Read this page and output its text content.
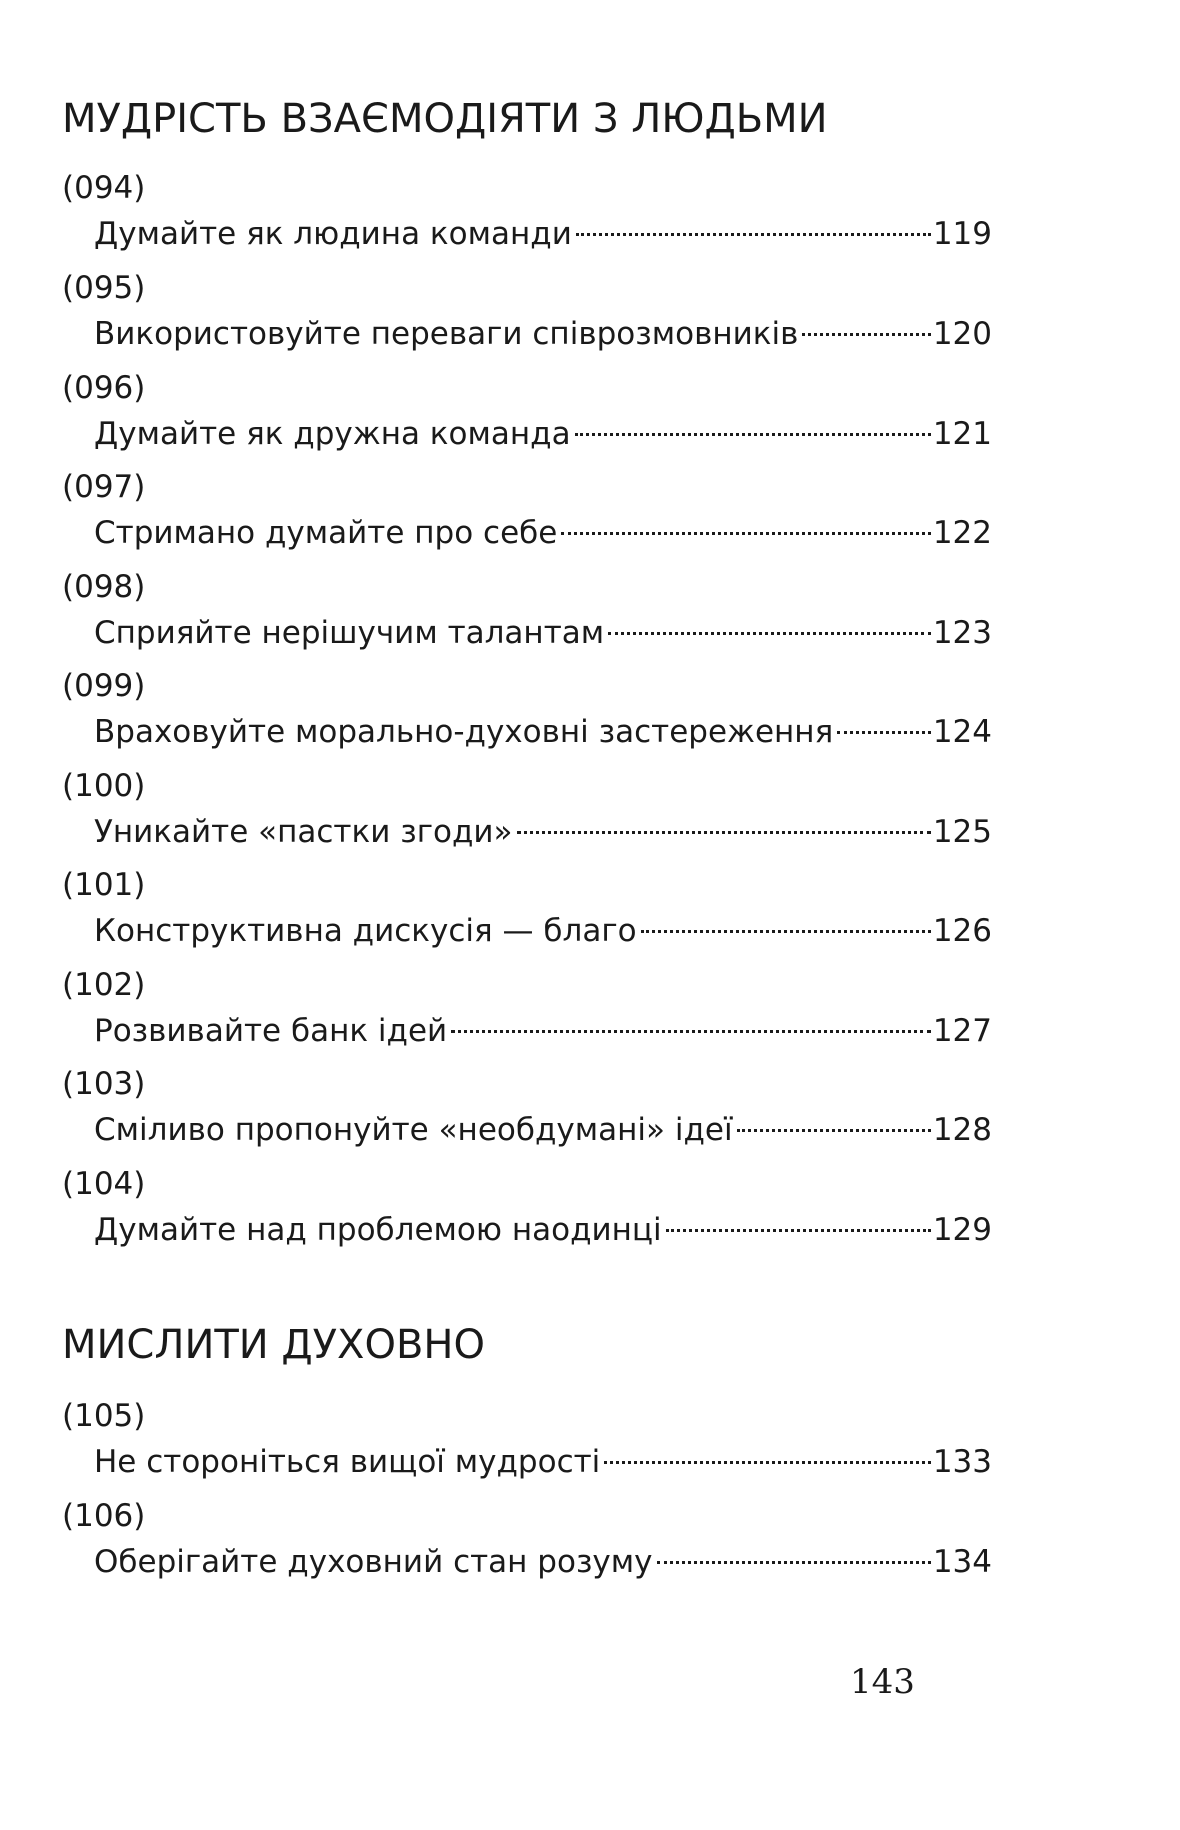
МУДРІСТЬ ВЗАЄМОДІЯТИ З ЛЮДЬМИ
(094)
Думайте як людина команди	119
(095)
Використовуйте переваги співрозмовників	120
(096)
Думайте як дружна команда	121
(097)
Стримано думайте про себе	122
(098)
Сприяйте нерішучим талантам	123
(099)
Враховуйте морально-духовні застереження	124
(100)
Уникайте «пастки згоди»	125
(101)
Конструктивна дискусія — благо	126
(102)
Розвивайте банк ідей	127
(103)
Сміливо пропонуйте «необдумані» ідеї	128
(104)
Думайте над проблемою наодинці	129
МИСЛИТИ ДУХОВНО
(105)
Не стороніться вищої мудрості	133
(106)
Оберігайте духовний стан розуму	134
143
